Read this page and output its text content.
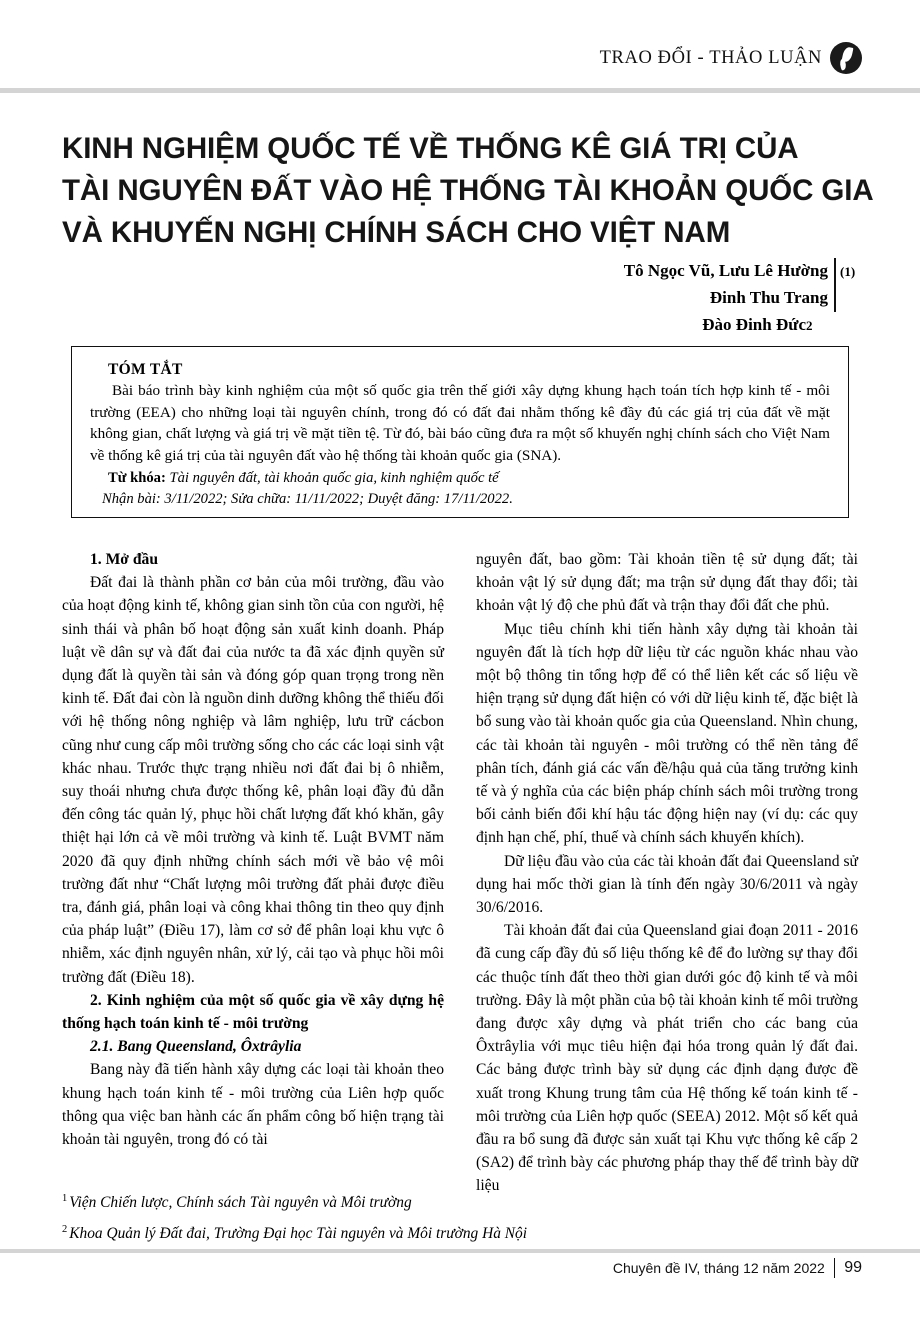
TRAO ĐỔI - THẢO LUẬN
KINH NGHIỆM QUỐC TẾ VỀ THỐNG KÊ GIÁ TRỊ CỦA
TÀI NGUYÊN ĐẤT VÀO HỆ THỐNG TÀI KHOẢN QUỐC GIA
VÀ KHUYẾN NGHỊ CHÍNH SÁCH CHO VIỆT NAM
Tô Ngọc Vũ, Lưu Lê Hường (1)
Đinh Thu Trang
Đào Đinh Đức 2
TÓM TẮT

Bài báo trình bày kinh nghiệm của một số quốc gia trên thế giới xây dựng khung hạch toán tích hợp kinh tế - môi trường (EEA) cho những loại tài nguyên chính, trong đó có đất đai nhằm thống kê đầy đủ các giá trị của đất về mặt không gian, chất lượng và giá trị về mặt tiền tệ. Từ đó, bài báo cũng đưa ra một số khuyến nghị chính sách cho Việt Nam về thống kê giá trị của tài nguyên đất vào hệ thống tài khoản quốc gia (SNA).

Từ khóa: Tài nguyên đất, tài khoản quốc gia, kinh nghiệm quốc tế

Nhận bài: 3/11/2022; Sửa chữa: 11/11/2022; Duyệt đăng: 17/11/2022.

1. Mở đầu

Đất đai là thành phần cơ bản của môi trường, đầu vào của hoạt động kinh tế, không gian sinh tồn của con người, hệ sinh thái và phân bố hoạt động sản xuất kinh doanh. Pháp luật về dân sự và đất đai của nước ta đã xác định quyền sử dụng đất là quyền tài sản và đóng góp quan trọng trong nền kinh tế. Đất đai còn là nguồn dinh dưỡng không thể thiếu đối với hệ thống nông nghiệp và lâm nghiệp, lưu trữ cácbon cũng như cung cấp môi trường sống cho các các loại sinh vật khác nhau. Trước thực trạng nhiều nơi đất đai bị ô nhiễm, suy thoái nhưng chưa được thống kê, phân loại đầy đủ dẫn đến công tác quản lý, phục hồi chất lượng đất khó khăn, gây thiệt hại lớn cả về môi trường và kinh tế. Luật BVMT năm 2020 đã quy định những chính sách mới về bảo vệ môi trường đất như “Chất lượng môi trường đất phải được điều tra, đánh giá, phân loại và công khai thông tin theo quy định của pháp luật” (Điều 17), làm cơ sở để phân loại khu vực ô nhiễm, xác định nguyên nhân, xử lý, cải tạo và phục hồi môi trường đất (Điều 18).

2. Kinh nghiệm của một số quốc gia về xây dựng hệ thống hạch toán kinh tế - môi trường

2.1. Bang Queensland, Ôxtrâylia

Bang này đã tiến hành xây dựng các loại tài khoản theo khung hạch toán kinh tế - môi trường của Liên hợp quốc thông qua việc ban hành các ấn phẩm công bố hiện trạng tài khoản tài nguyên, trong đó có tài

nguyên đất, bao gồm: Tài khoản tiền tệ sử dụng đất; tài khoản vật lý sử dụng đất; ma trận sử dụng đất thay đổi; tài khoản vật lý độ che phủ đất và trận thay đổi đất che phủ.

Mục tiêu chính khi tiến hành xây dựng tài khoản tài nguyên đất là tích hợp dữ liệu từ các nguồn khác nhau vào một bộ thông tin tổng hợp để có thể liên kết các số liệu về hiện trạng sử dụng đất hiện có với dữ liệu kinh tế, đặc biệt là bổ sung vào tài khoản quốc gia của Queensland. Nhìn chung, các tài khoản tài nguyên - môi trường có thể nền tảng để phân tích, đánh giá các vấn đề/hậu quả của tăng trưởng kinh tế và ý nghĩa của các biện pháp chính sách môi trường trong bối cảnh biến đổi khí hậu tác động hiện nay (ví dụ: các quy định hạn chế, phí, thuế và chính sách khuyến khích).

Dữ liệu đầu vào của các tài khoản đất đai Queensland sử dụng hai mốc thời gian là tính đến ngày 30/6/2011 và ngày 30/6/2016.

Tài khoản đất đai của Queensland giai đoạn 2011 - 2016 đã cung cấp đầy đủ số liệu thống kê để đo lường sự thay đổi các thuộc tính đất theo thời gian dưới góc độ kinh tế và môi trường. Đây là một phần của bộ tài khoản kinh tế môi trường đang được xây dựng và phát triển cho các bang của Ôxtrâylia với mục tiêu hiện đại hóa trong quản lý đất đai. Các bảng được trình bày sử dụng các định dạng được đề xuất trong Khung trung tâm của Hệ thống kế toán kinh tế - môi trường của Liên hợp quốc (SEEA) 2012. Một số kết quả đầu ra bổ sung đã được sản xuất tại Khu vực thống kê cấp 2 (SA2) để trình bày các phương pháp thay thế để trình bày dữ liệu

$^1$ Viện Chiến lược, Chính sách Tài nguyên và Môi trường

$^2$ Khoa Quản lý Đất đai, Trường Đại học Tài nguyên và Môi trường Hà Nội

Chuyên đề IV, tháng 12 năm 2022 99
